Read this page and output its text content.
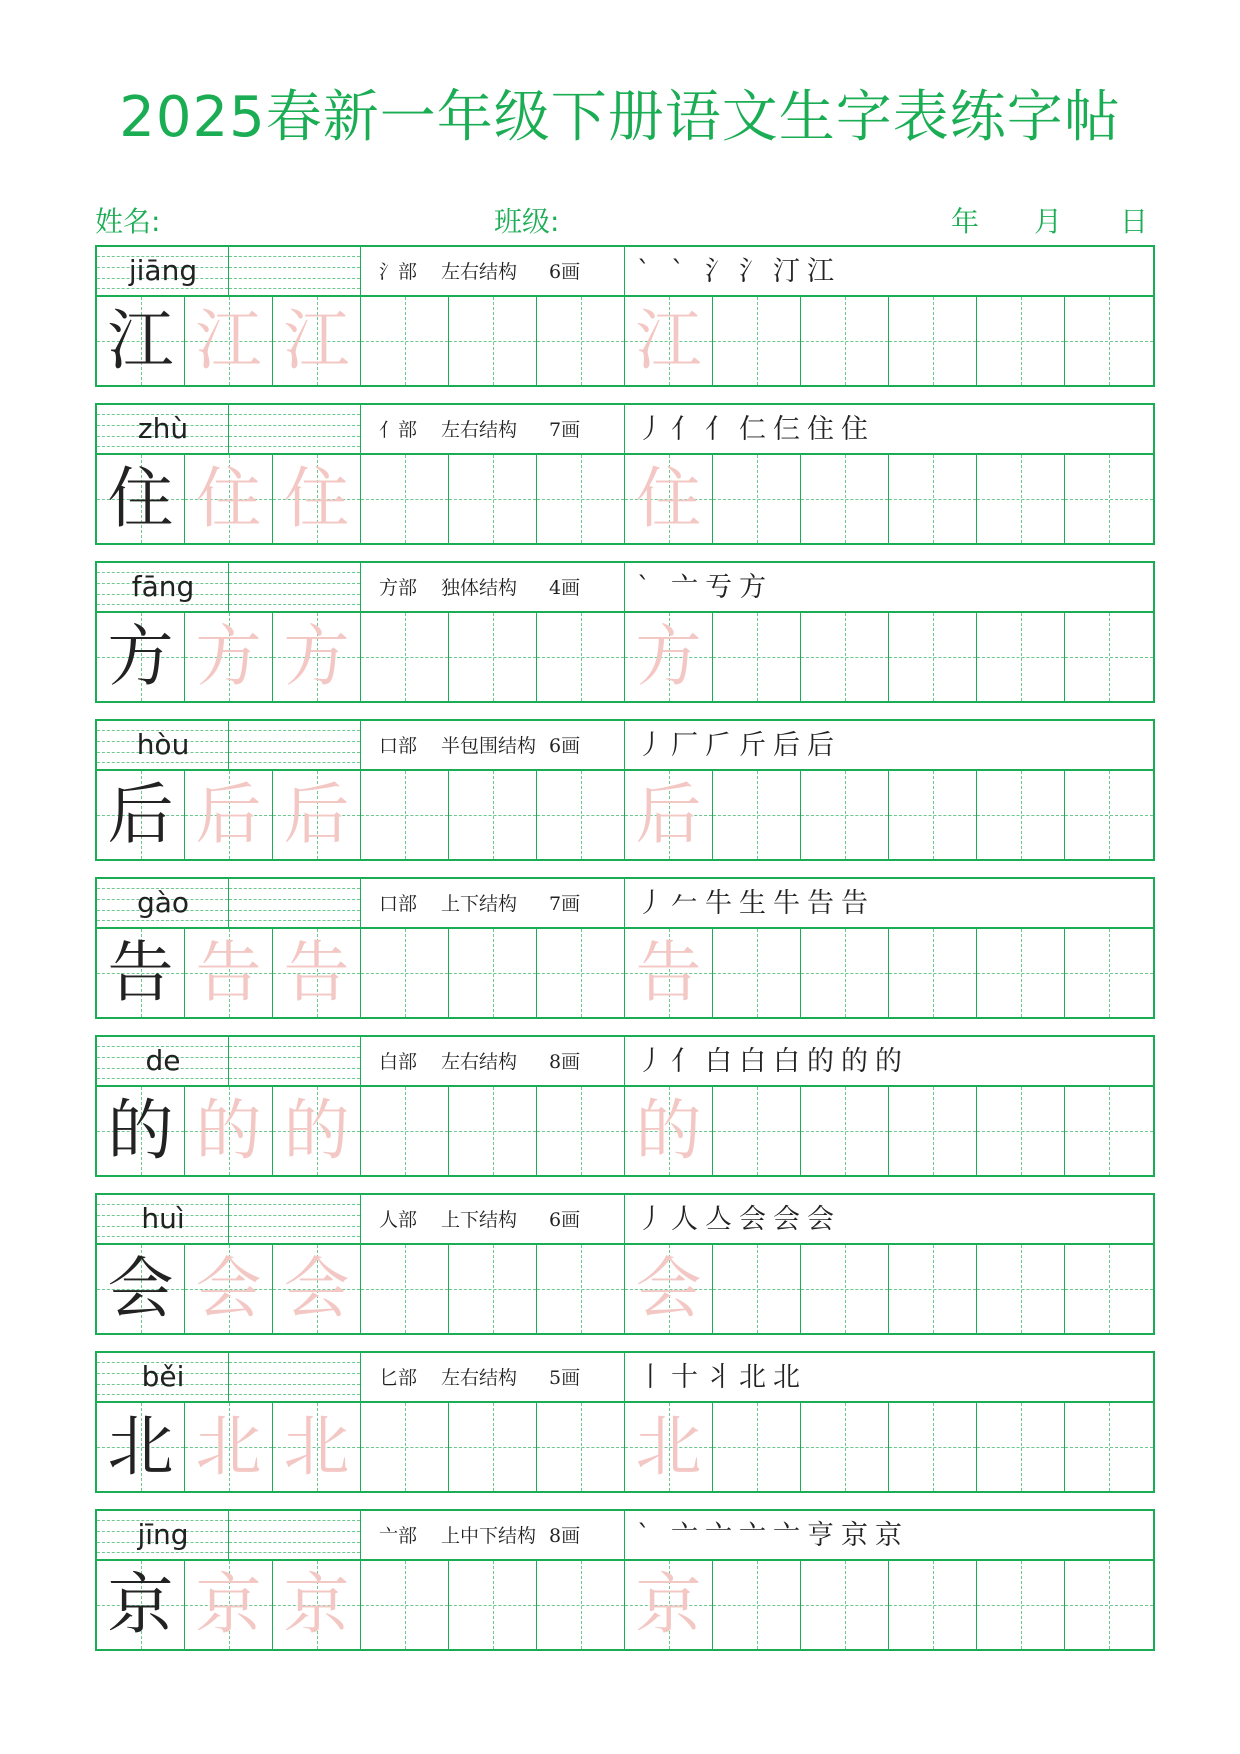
2025春新一年级下册语文生字表练字帖
姓名:	班级:	年 月 日
jiāng	氵部 左右结构 6画 ` ` 氵 氵 汀 江
江 江 江	江
zhù	亻部 左右结构 7画 丿 亻 亻 仁 仨 住 住
住 住 住	住
fāng	方部 独体结构 4画 ` 亠 亐 方
方 方 方	方
hòu	口部 半包围结构 6画 丿 厂 𠂆 斤 后 后
后 后 后	后
gào	口部 上下结构 7画 丿 𠂉 牛 生 牛 告 告
告 告 告	告
de	白部 左右结构 8画 丿 亻 白 白 白 的 的 的
的 的 的	的
huì	人部 上下结构 6画 丿 人 亼 会 会 会
会 会 会	会
běi	匕部 左右结构 5画 丨 十 丬 北 北
北 北 北	北
jīng	亠部 上中下结构 8画 ` 亠 亠 亠 亠 亨 京 京
京 京 京	京
